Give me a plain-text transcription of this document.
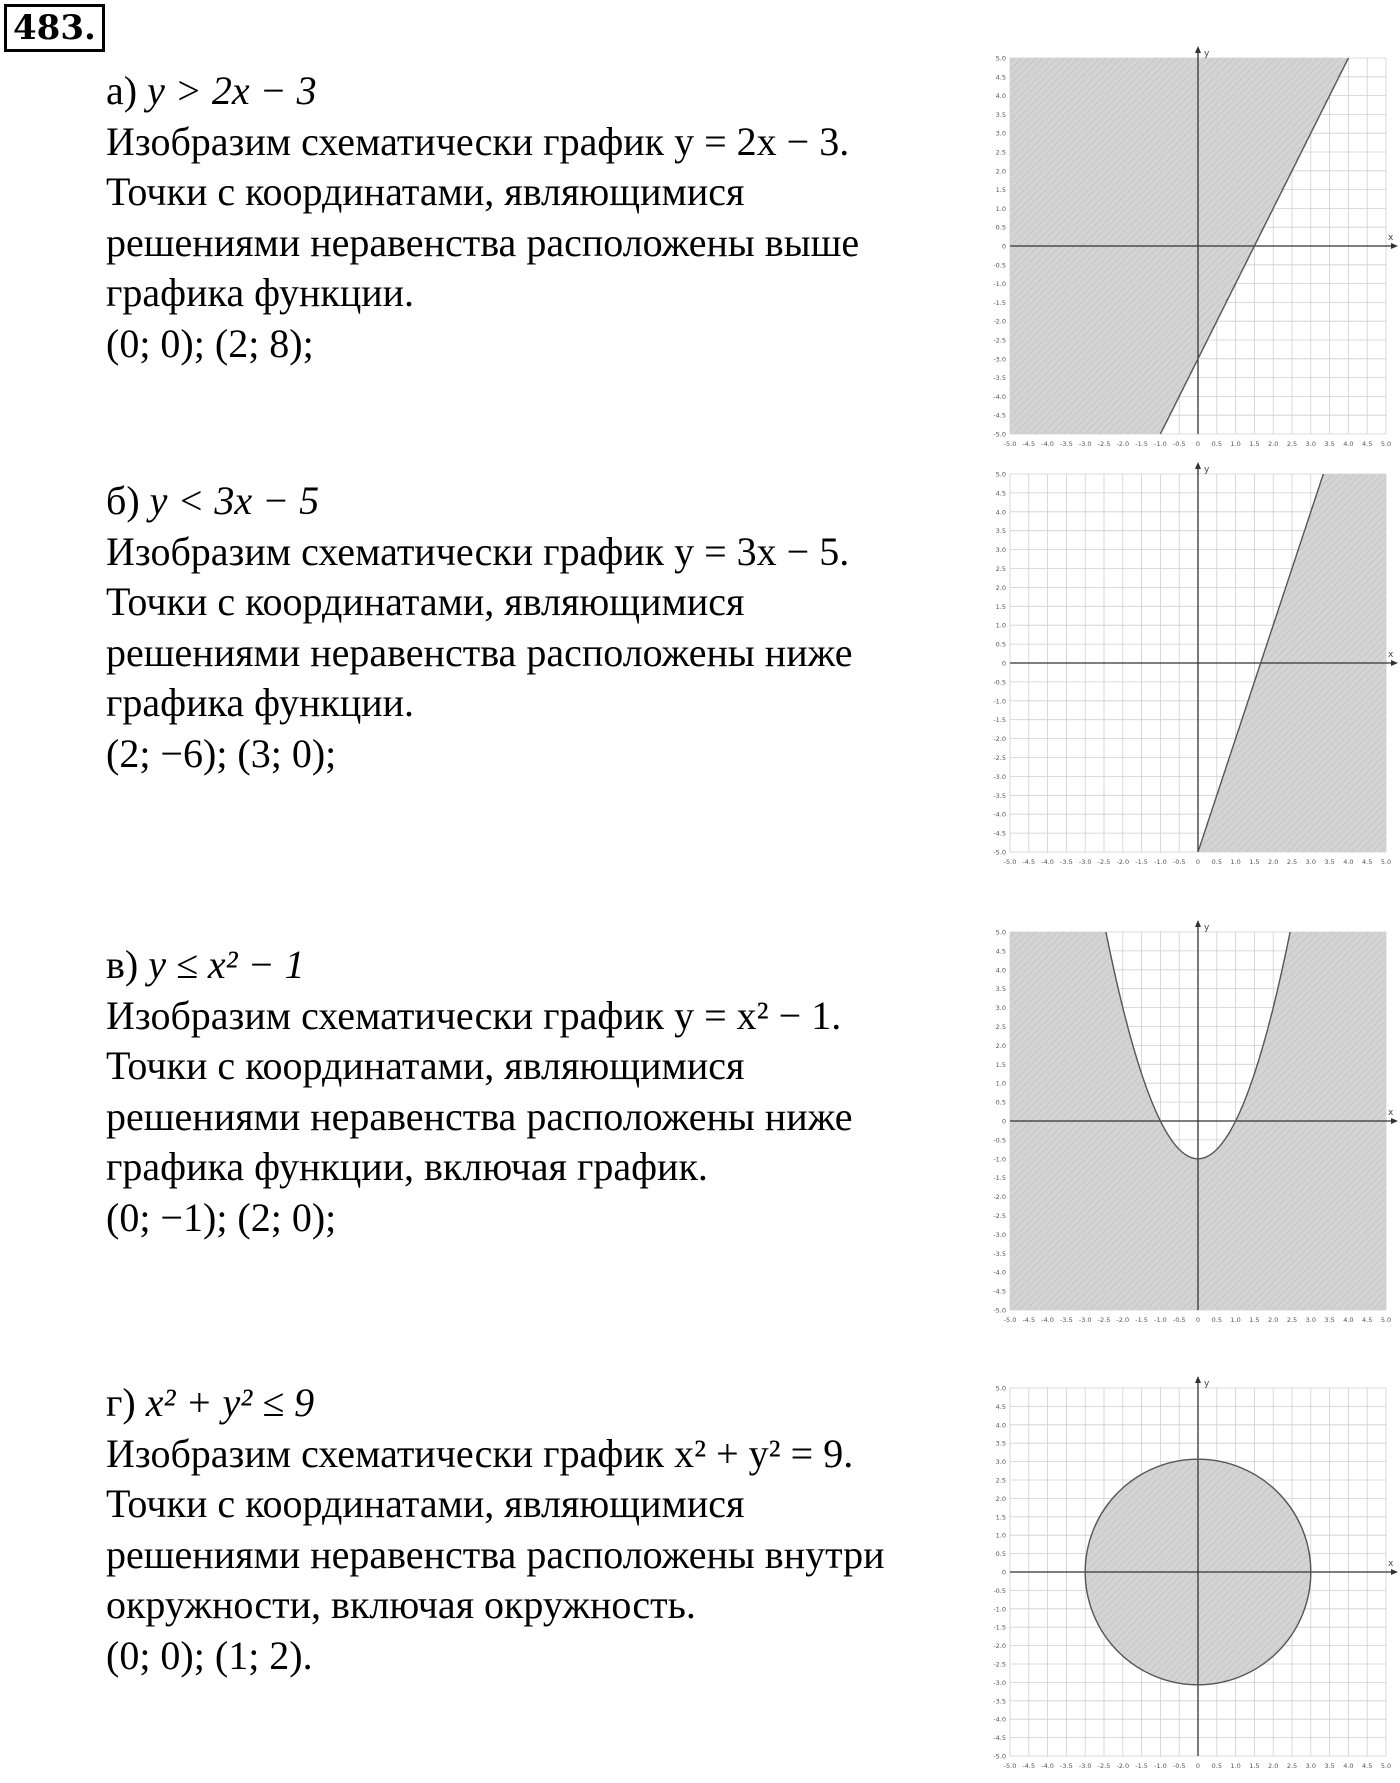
483.
а) y > 2x − 3
Изобразим схематически график y = 2x − 3.
Точки с координатами, являющимися
решениями неравенства расположены выше
графика функции.
(0; 0); (2; 8);
б) y < 3x − 5
Изобразим схематически график y = 3x − 5.
Точки с координатами, являющимися
решениями неравенства расположены ниже
графика функции.
(2; −6); (3; 0);
в) y ≤ x² − 1
Изобразим схематически график y = x² − 1.
Точки с координатами, являющимися
решениями неравенства расположены ниже
графика функции, включая график.
(0; −1); (2; 0);
г) x² + y² ≤ 9
Изобразим схематически график x² + y² = 9.
Точки с координатами, являющимися
решениями неравенства расположены внутри
окружности, включая окружность.
(0; 0); (1; 2).
x
y
-5.0
-5.0
-4.5
-4.5
-4.0
-4.0
-3.5
-3.5
-3.0
-3.0
-2.5
-2.5
-2.0
-2.0
-1.5
-1.5
-1.0
-1.0
-0.5
-0.5
0
0
0.5
0.5
1.0
1.0
1.5
1.5
2.0
2.0
2.5
2.5
3.0
3.0
3.5
3.5
4.0
4.0
4.5
4.5
5.0
5.0
x
y
-5.0
-5.0
-4.5
-4.5
-4.0
-4.0
-3.5
-3.5
-3.0
-3.0
-2.5
-2.5
-2.0
-2.0
-1.5
-1.5
-1.0
-1.0
-0.5
-0.5
0
0
0.5
0.5
1.0
1.0
1.5
1.5
2.0
2.0
2.5
2.5
3.0
3.0
3.5
3.5
4.0
4.0
4.5
4.5
5.0
5.0
x
y
-5.0
-5.0
-4.5
-4.5
-4.0
-4.0
-3.5
-3.5
-3.0
-3.0
-2.5
-2.5
-2.0
-2.0
-1.5
-1.5
-1.0
-1.0
-0.5
-0.5
0
0
0.5
0.5
1.0
1.0
1.5
1.5
2.0
2.0
2.5
2.5
3.0
3.0
3.5
3.5
4.0
4.0
4.5
4.5
5.0
5.0
x
y
-5.0
-5.0
-4.5
-4.5
-4.0
-4.0
-3.5
-3.5
-3.0
-3.0
-2.5
-2.5
-2.0
-2.0
-1.5
-1.5
-1.0
-1.0
-0.5
-0.5
0
0
0.5
0.5
1.0
1.0
1.5
1.5
2.0
2.0
2.5
2.5
3.0
3.0
3.5
3.5
4.0
4.0
4.5
4.5
5.0
5.0
